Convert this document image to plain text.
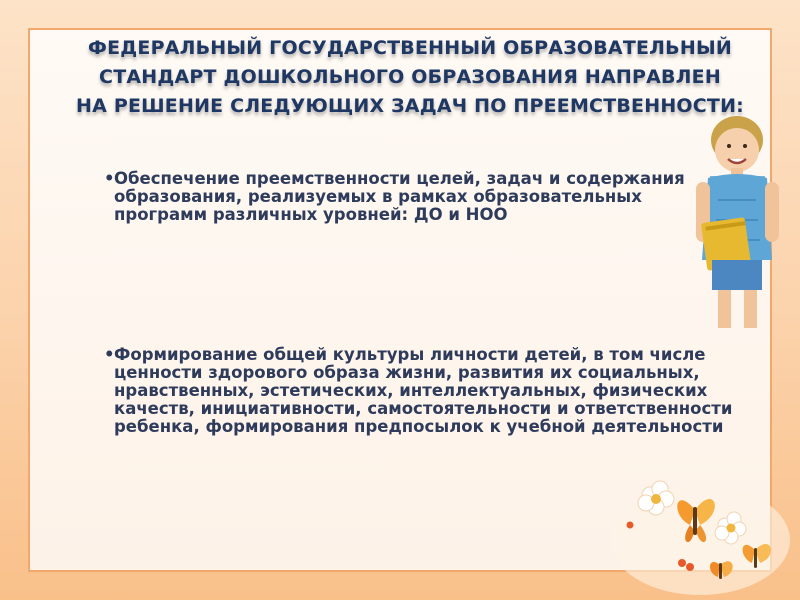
ФЕДЕРАЛЬНЫЙ ГОСУДАРСТВЕННЫЙ ОБРАЗОВАТЕЛЬНЫЙ
СТАНДАРТ ДОШКОЛЬНОГО ОБРАЗОВАНИЯ НАПРАВЛЕН
НА РЕШЕНИЕ СЛЕДУЮЩИХ ЗАДАЧ ПО ПРЕЕМСТВЕННОСТИ:
• Обеспечение преемственности целей, задач и содержания образования, реализуемых в рамках образовательных программ различных уровней: ДО и НОО
• Формирование общей культуры личности детей, в том числе ценности здорового образа жизни, развития их социальных, нравственных, эстетических, интеллектуальных, физических качеств, инициативности, самостоятельности и ответственности ребенка, формирования предпосылок к учебной деятельности
